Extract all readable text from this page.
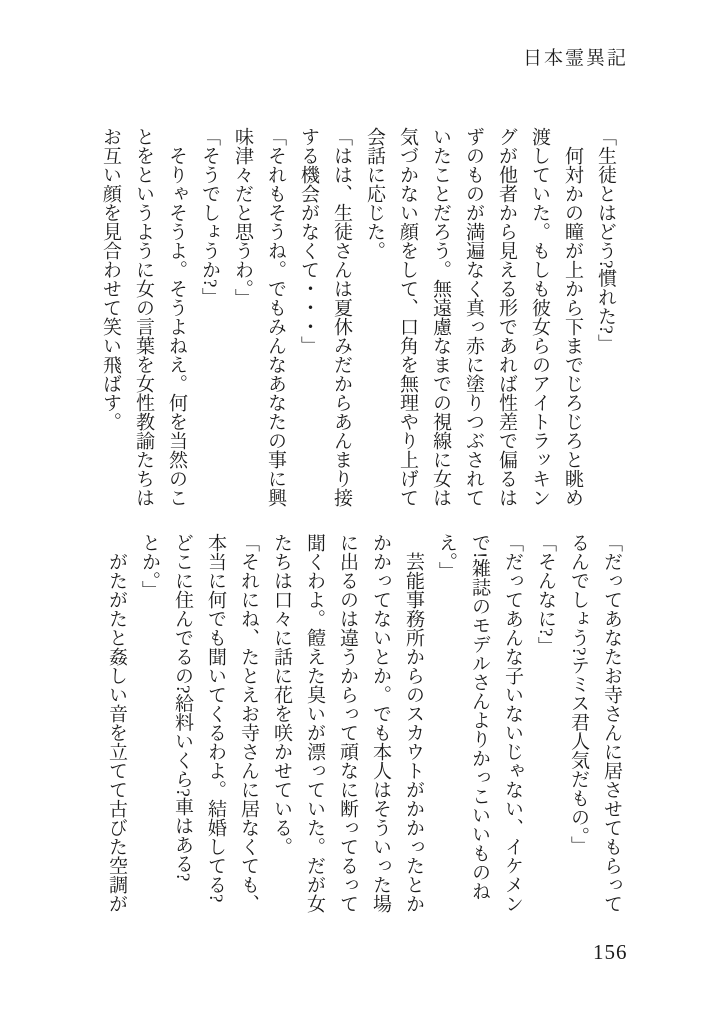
日本霊異記

「生徒とはどう?慣れた?」

何対かの瞳が上から下までじろじろと眺め

渡していた。もしも彼女らのアイトラッキン

グが他者から見える形であれば性差で偏るは

ずのものが満遍なく真っ赤に塗りつぶされて

いたことだろう。無遠慮なまでの視線に女は

気づかない顔をして、口角を無理やり上げて

会話に応じた。

「はは、生徒さんは夏休みだからあんまり接

する機会がなくて・・・」

「それもそうね。でもみんなあなたの事に興

味津々だと思うわ。」

「そうでしょうか?」

そりゃそうよ。そうよねえ。何を当然のこ

とをというように女の言葉を女性教諭たちは

お互い顔を見合わせて笑い飛ばす。

「だってあなたお寺さんに居させてもらって

るんでしょう?テミス君人気だもの。」

「そんなに?」

「だってあんな子いないじゃない、イケメン

で!雑誌のモデルさんよりかっこいいものね

え。」

芸能事務所からのスカウトがかかったとか

かかってないとか。でも本人はそういった場

に出るのは違うからって頑なに断ってるって

聞くわよ。饐えた臭いが漂っていた。だが女

たちは口々に話に花を咲かせている。

「それにね、たとえお寺さんに居なくても、

本当に何でも聞いてくるわよ。結婚してる?

どこに住んでるの?給料いくら?車はある?

とか。」

がたがたと姦しい音を立てて古びた空調が

156
